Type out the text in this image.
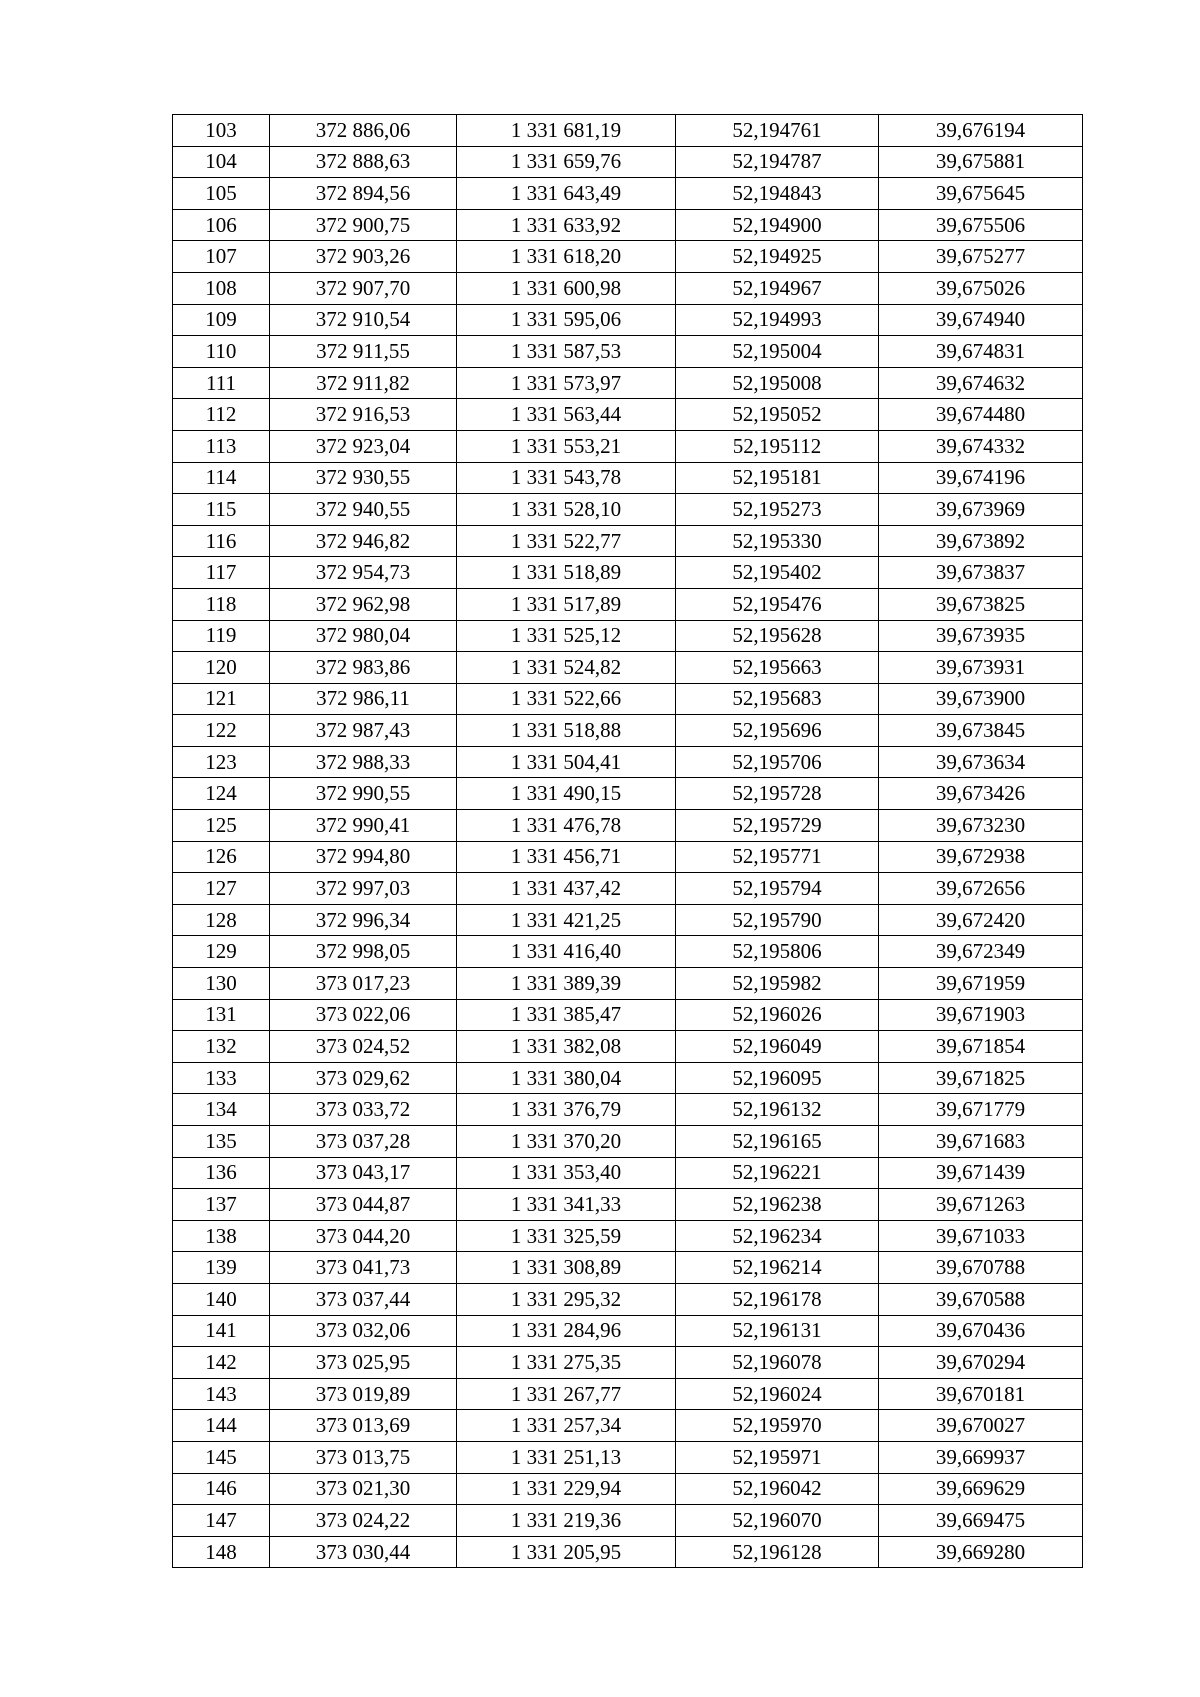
103	372 886,06	1 331 681,19	52,194761	39,676194
104	372 888,63	1 331 659,76	52,194787	39,675881
105	372 894,56	1 331 643,49	52,194843	39,675645
106	372 900,75	1 331 633,92	52,194900	39,675506
107	372 903,26	1 331 618,20	52,194925	39,675277
108	372 907,70	1 331 600,98	52,194967	39,675026
109	372 910,54	1 331 595,06	52,194993	39,674940
110	372 911,55	1 331 587,53	52,195004	39,674831
111	372 911,82	1 331 573,97	52,195008	39,674632
112	372 916,53	1 331 563,44	52,195052	39,674480
113	372 923,04	1 331 553,21	52,195112	39,674332
114	372 930,55	1 331 543,78	52,195181	39,674196
115	372 940,55	1 331 528,10	52,195273	39,673969
116	372 946,82	1 331 522,77	52,195330	39,673892
117	372 954,73	1 331 518,89	52,195402	39,673837
118	372 962,98	1 331 517,89	52,195476	39,673825
119	372 980,04	1 331 525,12	52,195628	39,673935
120	372 983,86	1 331 524,82	52,195663	39,673931
121	372 986,11	1 331 522,66	52,195683	39,673900
122	372 987,43	1 331 518,88	52,195696	39,673845
123	372 988,33	1 331 504,41	52,195706	39,673634
124	372 990,55	1 331 490,15	52,195728	39,673426
125	372 990,41	1 331 476,78	52,195729	39,673230
126	372 994,80	1 331 456,71	52,195771	39,672938
127	372 997,03	1 331 437,42	52,195794	39,672656
128	372 996,34	1 331 421,25	52,195790	39,672420
129	372 998,05	1 331 416,40	52,195806	39,672349
130	373 017,23	1 331 389,39	52,195982	39,671959
131	373 022,06	1 331 385,47	52,196026	39,671903
132	373 024,52	1 331 382,08	52,196049	39,671854
133	373 029,62	1 331 380,04	52,196095	39,671825
134	373 033,72	1 331 376,79	52,196132	39,671779
135	373 037,28	1 331 370,20	52,196165	39,671683
136	373 043,17	1 331 353,40	52,196221	39,671439
137	373 044,87	1 331 341,33	52,196238	39,671263
138	373 044,20	1 331 325,59	52,196234	39,671033
139	373 041,73	1 331 308,89	52,196214	39,670788
140	373 037,44	1 331 295,32	52,196178	39,670588
141	373 032,06	1 331 284,96	52,196131	39,670436
142	373 025,95	1 331 275,35	52,196078	39,670294
143	373 019,89	1 331 267,77	52,196024	39,670181
144	373 013,69	1 331 257,34	52,195970	39,670027
145	373 013,75	1 331 251,13	52,195971	39,669937
146	373 021,30	1 331 229,94	52,196042	39,669629
147	373 024,22	1 331 219,36	52,196070	39,669475
148	373 030,44	1 331 205,95	52,196128	39,669280
